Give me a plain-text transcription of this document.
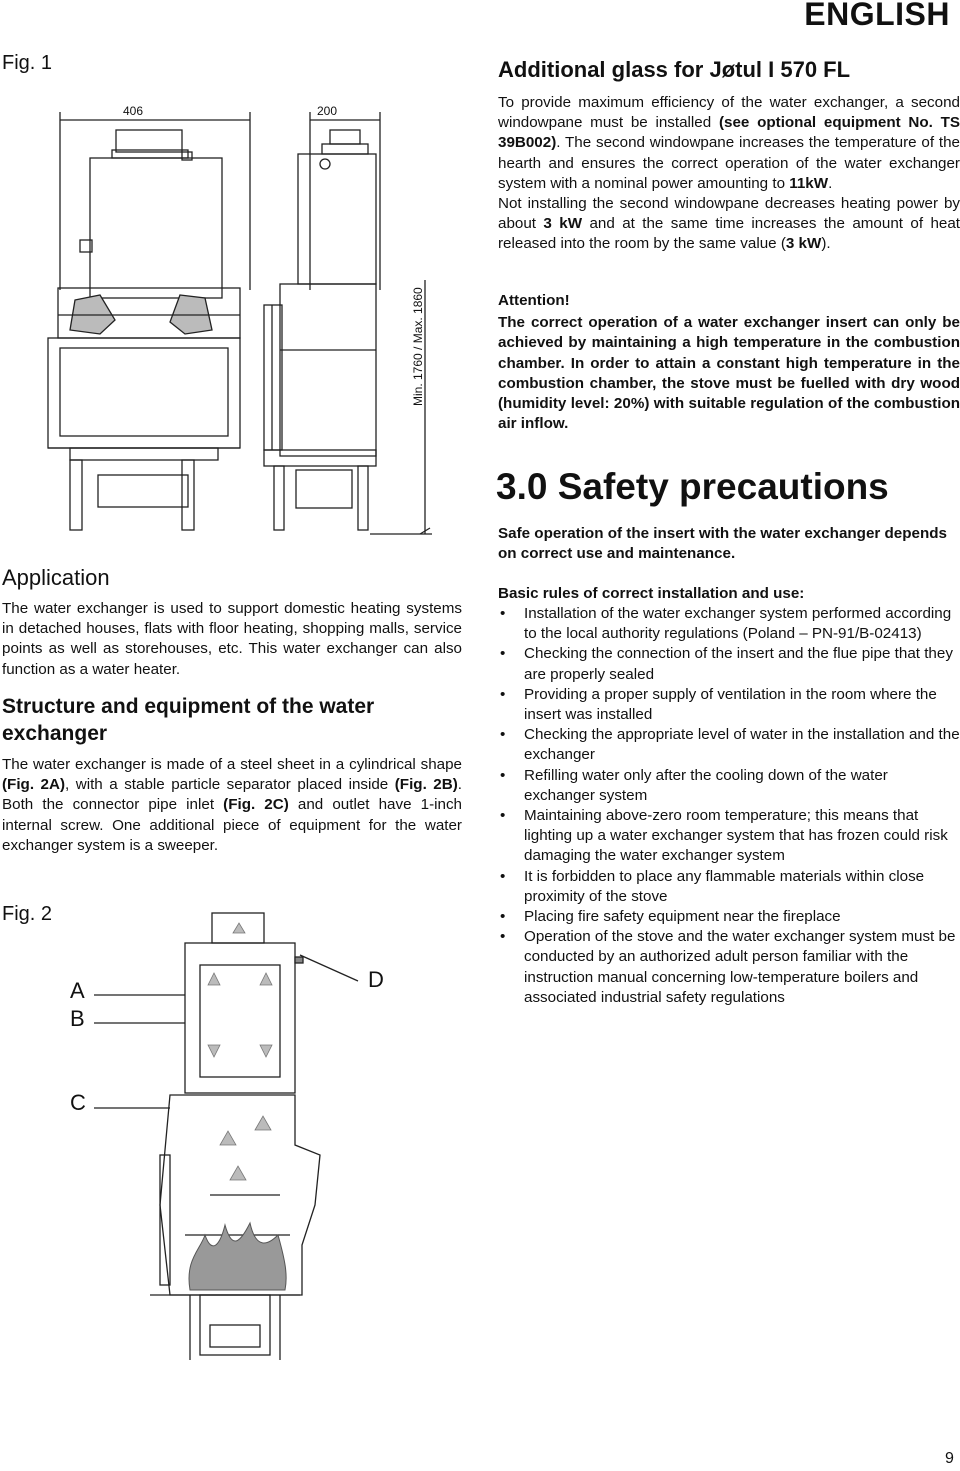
ENGLISH
Fig. 1
406	200
Min. 1760 / Max. 1860
Additional glass for Jøtul I 570 FL
To provide maximum efficiency of the water exchanger, a second windowpane must be installed (see optional equipment No. TS 39B002). The second windowpane increases the temperature of the hearth and ensures the correct operation of the water exchanger system with a nominal power amounting to 11kW.
Not installing the second windowpane decreases heating power by about 3 kW and at the same time increases the amount of heat released into the room by the same value (3 kW).
Attention!
The correct operation of a water exchanger insert can only be achieved by maintaining a high temperature in the combustion chamber. In order to attain a constant high temperature in the combustion chamber, the stove must be fuelled with dry wood (humidity level: 20%) with suitable regulation of the combustion air inflow.
3.0 Safety precautions
Safe operation of the insert with the water exchanger depends on correct use and maintenance.
Basic rules of correct installation and use:
• Installation of the water exchanger system performed according to the local authority regulations (Poland – PN-91/B-02413)
• Checking the connection of the insert and the flue pipe that they are properly sealed
• Providing a proper supply of ventilation in the room where the insert was installed
• Checking the appropriate level of water in the installation and the exchanger
• Refilling water only after the cooling down of the water exchanger system
• Maintaining above-zero room temperature; this means that lighting up a water exchanger system that has frozen could risk damaging the water exchanger system
• It is forbidden to place any flammable materials within close proximity of the stove
• Placing fire safety equipment near the fireplace
• Operation of the stove and the water exchanger system must be conducted by an authorized adult person familiar with the instruction manual concerning low-temperature boilers and associated industrial safety regulations
Application
The water exchanger is used to support domestic heating systems in detached houses, flats with floor heating, shopping malls, service points as well as storehouses, etc. This water exchanger can also function as a water heater.
Structure and equipment of the water exchanger
The water exchanger is made of a steel sheet in a cylindrical shape (Fig. 2A), with a stable particle separator placed inside (Fig. 2B). Both the connector pipe inlet (Fig. 2C) and outlet have 1-inch internal screw. One additional piece of equipment for the water exchanger system is a sweeper.
Fig. 2
A
B
C
D
9
